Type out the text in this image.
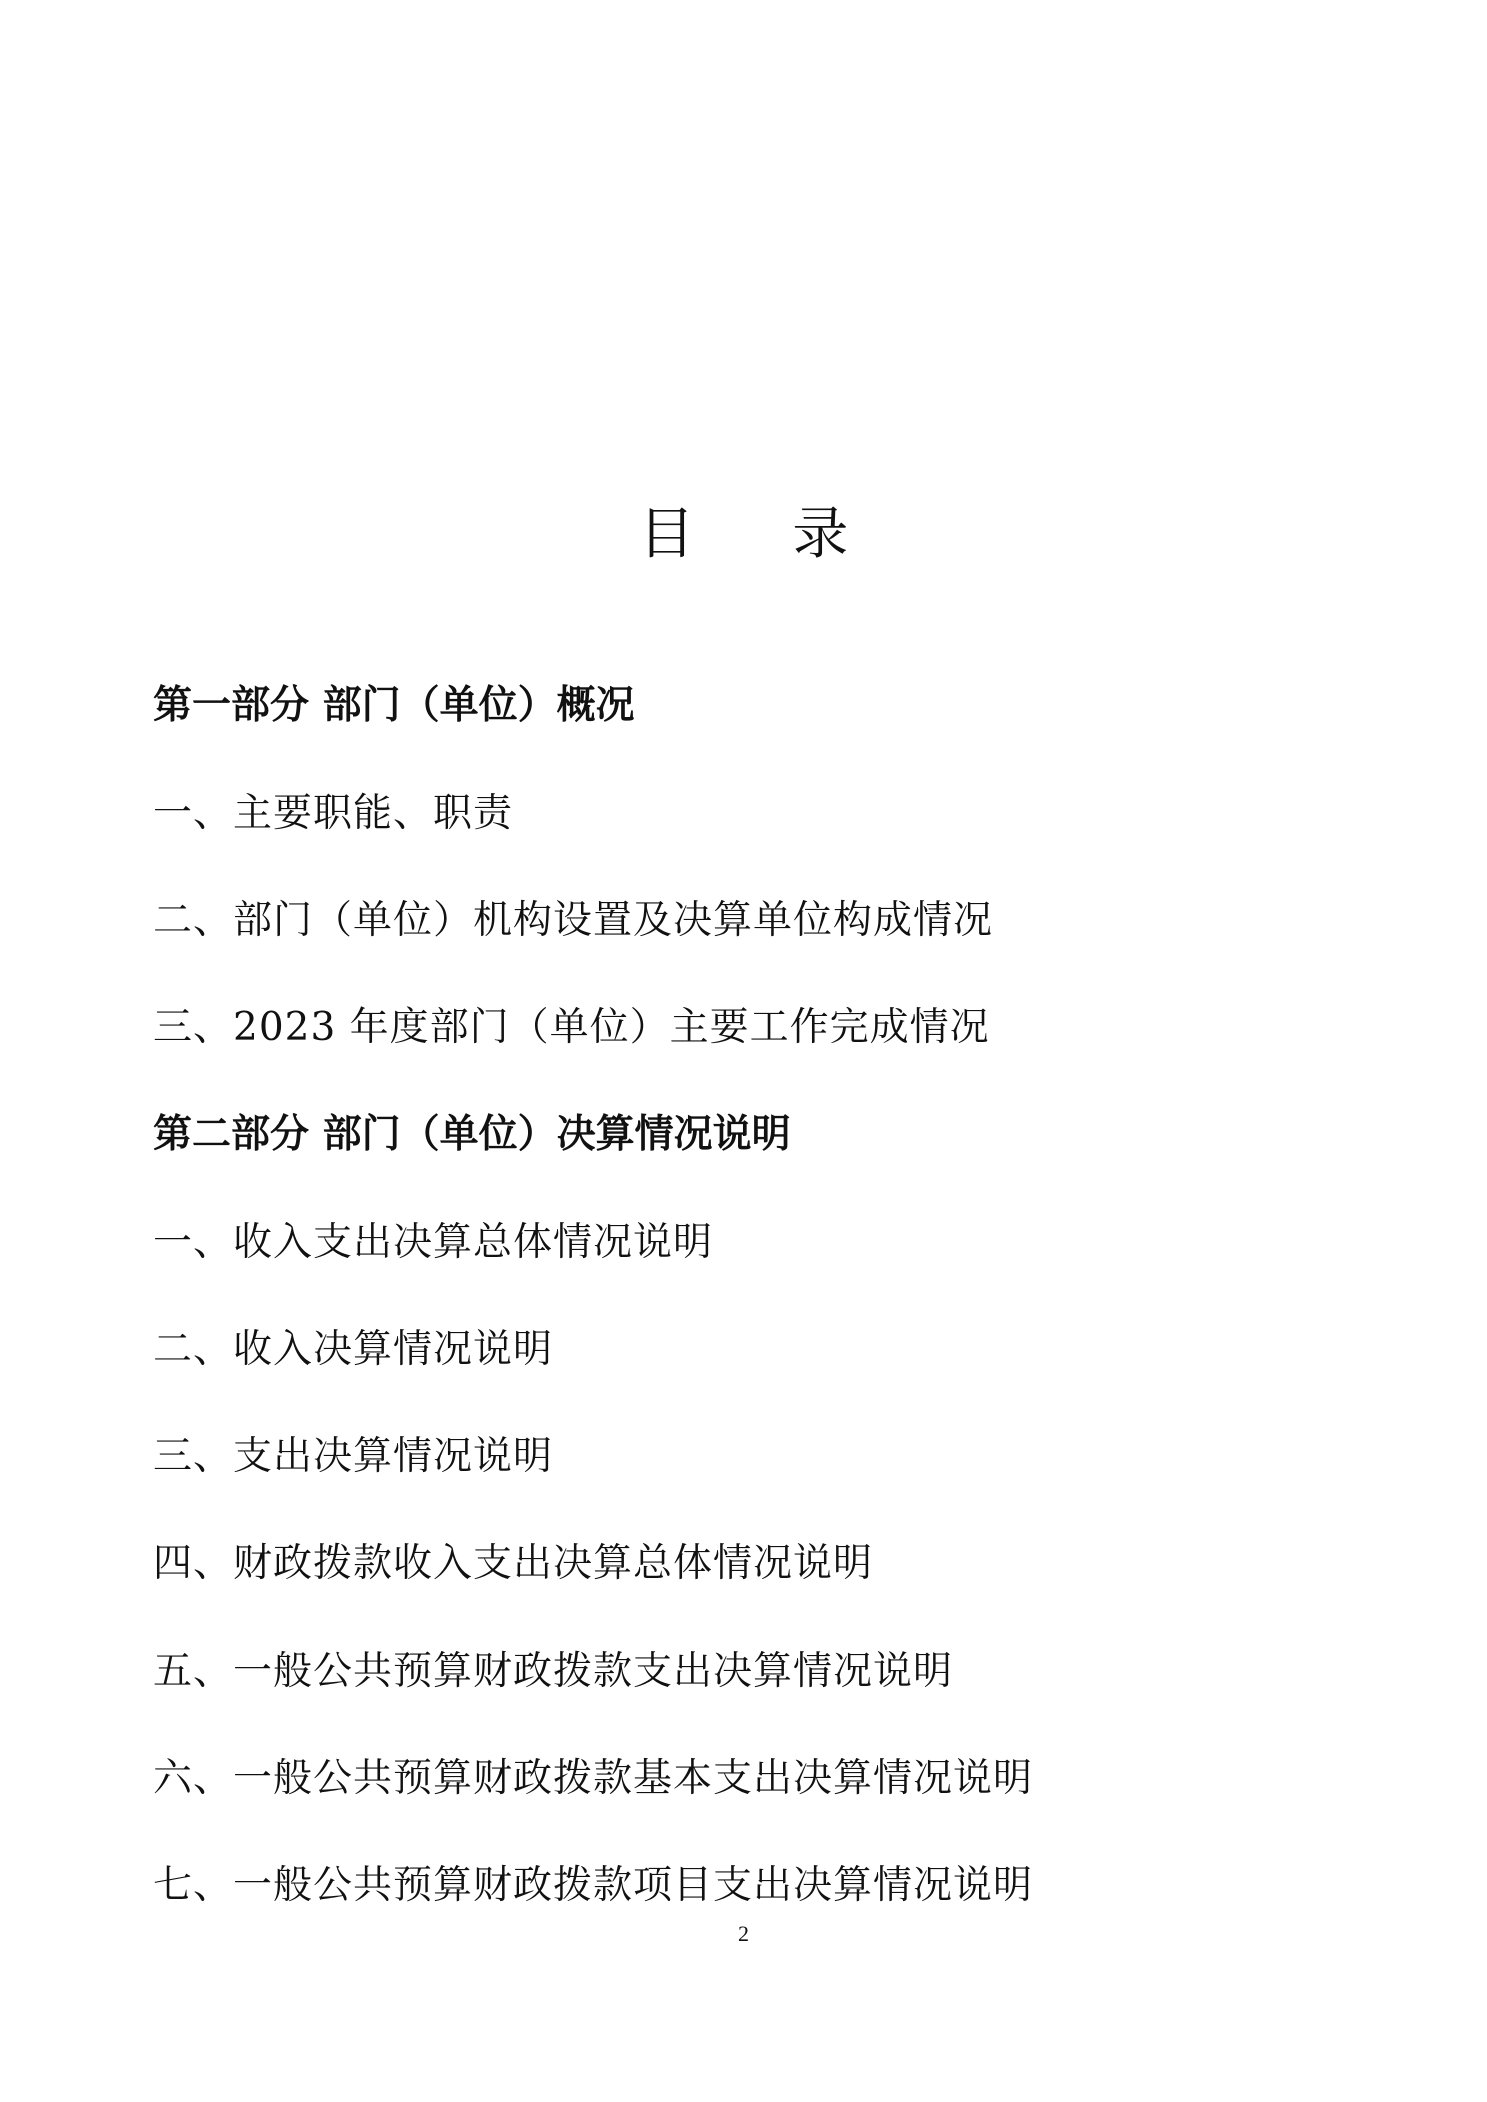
目 录
第一部分 部门（单位）概况
一、主要职能、职责
二、部门（单位）机构设置及决算单位构成情况
三、2023 年度部门（单位）主要工作完成情况
第二部分 部门（单位）决算情况说明
一、收入支出决算总体情况说明
二、收入决算情况说明
三、支出决算情况说明
四、财政拨款收入支出决算总体情况说明
五、一般公共预算财政拨款支出决算情况说明
六、一般公共预算财政拨款基本支出决算情况说明
七、一般公共预算财政拨款项目支出决算情况说明
2
